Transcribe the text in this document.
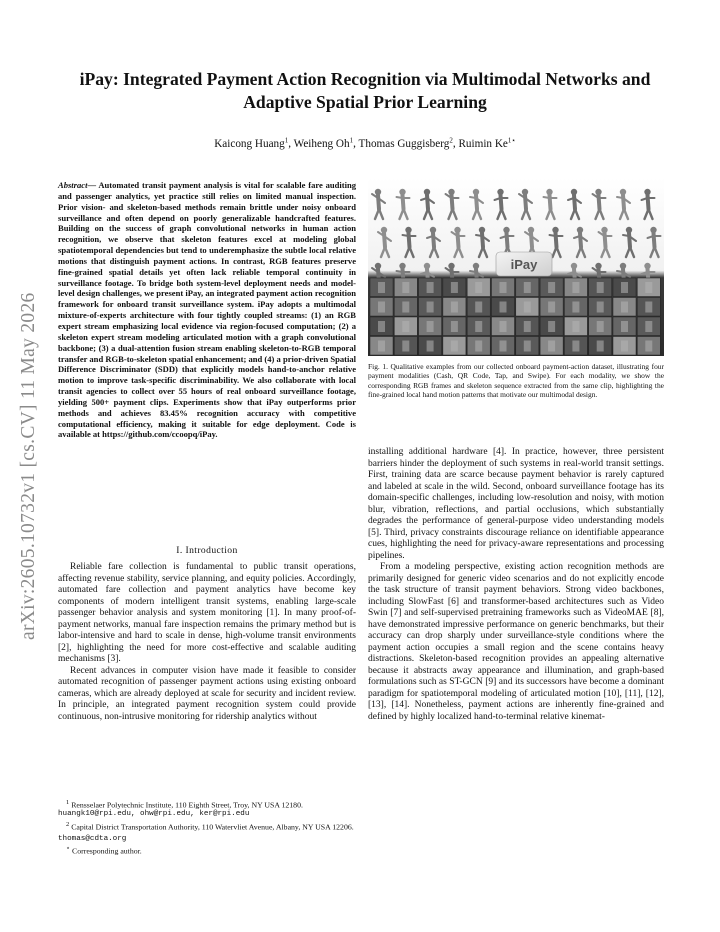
arXiv:2605.10732v1 [cs.CV] 11 May 2026
iPay: Integrated Payment Action Recognition via Multimodal Networks and Adaptive Spatial Prior Learning
Kaicong Huang$^1$, Weiheng Oh$^1$, Thomas Guggisberg$^2$, Ruimin $Ke^{1⋆}$
Abstract— Automated transit payment analysis is vital for scalable fare auditing and passenger analytics, yet practice still relies on limited manual inspection. Prior vision- and skeleton-based methods remain brittle under noisy onboard surveillance and often depend on poorly generalizable handcrafted features. Building on the success of graph convolutional networks in human action recognition, we observe that skeleton features excel at modeling global spatiotemporal dependencies but tend to underemphasize the subtle local relative motions that distinguish payment actions. In contrast, RGB features preserve fine-grained spatial details yet often lack reliable temporal continuity in surveillance footage. To bridge both system-level deployment needs and model-level design challenges, we present iPay, an integrated payment action recognition framework for onboard transit surveillance system. iPay adopts a multimodal mixture-of-experts architecture with four tightly coupled streams: (1) an RGB expert stream emphasizing local evidence via region-focused computation; (2) a skeleton expert stream modeling articulated motion with a graph convolutional backbone; (3) a dual-attention fusion stream enabling skeleton-to-RGB temporal transfer and RGB-to-skeleton spatial enhancement; and (4) a prior-driven Spatial Difference Discriminator (SDD) that explicitly models hand-to-anchor relative motion to improve task-specific discriminability. We also collaborate with local transit agencies to collect over 55 hours of real onboard surveillance footage, yielding 500+ payment clips. Experiments show that iPay outperforms prior methods and achieves 83.45% recognition accuracy with competitive computational efficiency, making it suitable for edge deployment. Code is available at https://github.com/ccoopq/iPay.
I. Introduction

Reliable fare collection is fundamental to public transit operations, affecting revenue stability, service planning, and equity policies. Accordingly, automated fare collection and payment analytics have become key components of modern intelligent transit systems, enabling large-scale passenger behavior analysis and system monitoring [1]. In many proof-of-payment networks, manual fare inspection remains the primary method but is labor-intensive and hard to scale in dense, high-volume transit environments [2], highlighting the need for more cost-effective and scalable auditing mechanisms [3].

Recent advances in computer vision have made it feasible to consider automated recognition of passenger payment actions using existing onboard cameras, which are already deployed at scale for security and incident review. In principle, an integrated payment recognition system could provide continuous, non-intrusive monitoring for ridership analytics without

$^1$ Rensselaer Polytechnic Institute, 110 Eighth Street, Troy, NY USA 12180.
huangk10@rpi.edu, ohw@rpi.edu, ker@rpi.edu
$^2$ Capital District Transportation Authority, 110 Watervliet Avenue, Albany, NY USA 12206. thomas@cdta.org
⋆ Corresponding author.
iPay
Fig. 1. Qualitative examples from our collected onboard payment-action dataset, illustrating four payment modalities (Cash, QR Code, Tap, and Swipe). For each modality, we show the corresponding RGB frames and skeleton sequence extracted from the same clip, highlighting the fine-grained local hand motion patterns that motivate our multimodal design.

installing additional hardware [4]. In practice, however, three persistent barriers hinder the deployment of such systems in real-world transit settings. First, training data are scarce because payment behavior is rarely captured and labeled at scale in the wild. Second, onboard surveillance footage has its domain-specific challenges, including low-resolution and noisy, with motion blur, vibration, reflections, and partial occlusions, which substantially degrades the performance of general-purpose video understanding models [5]. Third, privacy constraints discourage reliance on identifiable appearance cues, highlighting the need for privacy-aware representations and processing pipelines.

From a modeling perspective, existing action recognition methods are primarily designed for generic video scenarios and do not explicitly encode the task structure of transit payment behaviors. Strong video backbones, including SlowFast [6] and transformer-based architectures such as Video Swin [7] and self-supervised pretraining frameworks such as VideoMAE [8], have demonstrated impressive performance on generic benchmarks, but their accuracy can drop sharply under surveillance-style conditions where the payment action occupies a small region and the scene contains heavy distractions. Skeleton-based recognition provides an appealing alternative because it abstracts away appearance and illumination, and graph-based formulations such as ST-GCN [9] and its successors have become a dominant paradigm for spatiotemporal modeling of articulated motion [10], [11], [12], [13], [14]. Nonetheless, payment actions are inherently fine-grained and defined by highly localized hand-to-terminal relative kinemat-
